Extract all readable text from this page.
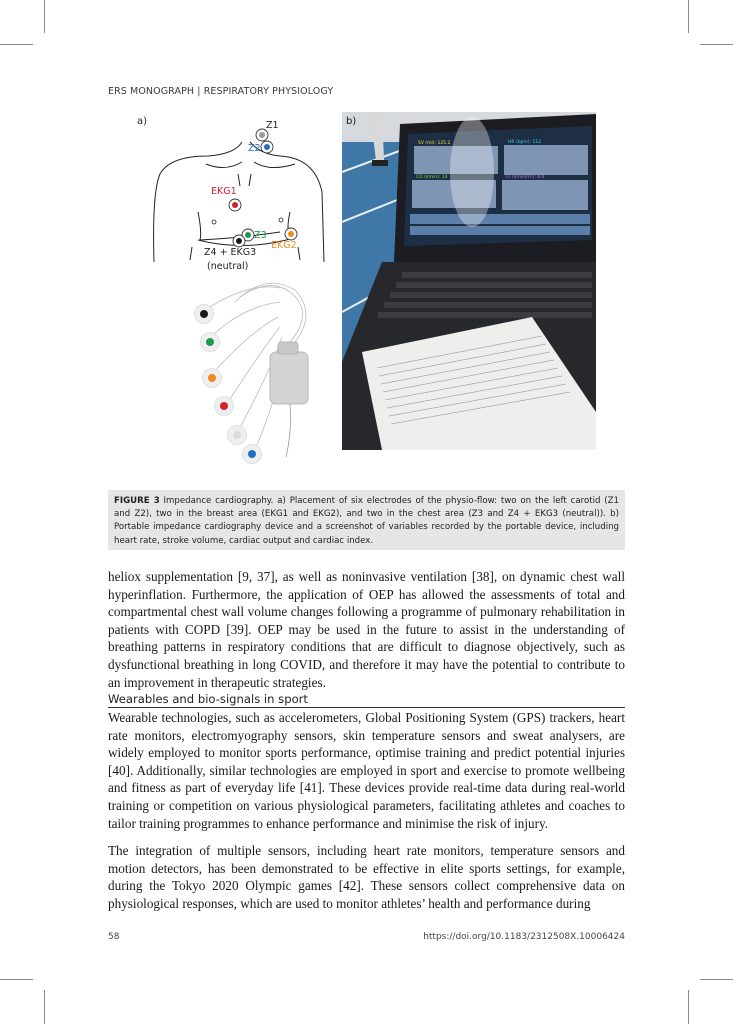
ERS MONOGRAPH | RESPIRATORY PHYSIOLOGY
a)	Z1
Z2
EKG1
Z3
EKG2
Z4 + EKG3
(neutral)
SV (ml): 125.2	HR (bpm): 112
CO (l/min): 14	CI (l/min/m²): 6.6
b)
FIGURE 3 Impedance cardiography. a) Placement of six electrodes of the physio-flow: two on the left carotid (Z1 and Z2), two in the breast area (EKG1 and EKG2), and two in the chest area (Z3 and Z4 + EKG3 (neutral)). b) Portable impedance cardiography device and a screenshot of variables recorded by the portable device, including heart rate, stroke volume, cardiac output and cardiac index.
heliox supplementation [9, 37], as well as noninvasive ventilation [38], on dynamic chest wall hyperinflation. Furthermore, the application of OEP has allowed the assessments of total and compartmental chest wall volume changes following a programme of pulmonary rehabilitation in patients with COPD [39]. OEP may be used in the future to assist in the understanding of breathing patterns in respiratory conditions that are difficult to diagnose objectively, such as dysfunctional breathing in long COVID, and therefore it may have the potential to contribute to an improvement in therapeutic strategies.
Wearables and bio-signals in sport
Wearable technologies, such as accelerometers, Global Positioning System (GPS) trackers, heart rate monitors, electromyography sensors, skin temperature sensors and sweat analysers, are widely employed to monitor sports performance, optimise training and predict potential injuries [40]. Additionally, similar technologies are employed in sport and exercise to promote wellbeing and fitness as part of everyday life [41]. These devices provide real-time data during real-world training or competition on various physiological parameters, facilitating athletes and coaches to tailor training programmes to enhance performance and minimise the risk of injury.
The integration of multiple sensors, including heart rate monitors, temperature sensors and motion detectors, has been demonstrated to be effective in elite sports settings, for example, during the Tokyo 2020 Olympic games [42]. These sensors collect comprehensive data on physiological responses, which are used to monitor athletes’ health and performance during
58	https://doi.org/10.1183/2312508X.10006424
